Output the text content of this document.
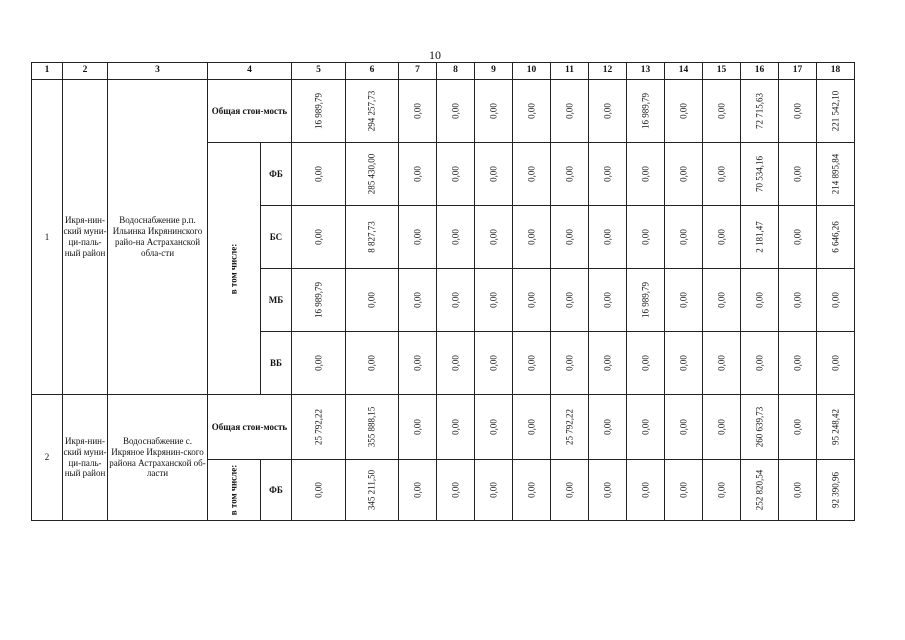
10
1	2	3	4		5	6	7	8	9	10	11	12	13	14	15	16	17	18
1	Икря-нин-ский муни-ци-паль-ный район	Водоснабжение р.п. Ильинка Икрянинского райо-на Астраханской обла-сти	Общая стои-мость		16 989,79	294 257,73	0,00	0,00	0,00	0,00	0,00	0,00	16 989,79	0,00	0,00	72 715,63	0,00	221 542,10

			в том числе:	ФБ	0,00	285 430,00	0,00	0,00	0,00	0,00	0,00	0,00	0,00	0,00	0,00	70 534,16	0,00	214 895,84

				БС	0,00	8 827,73	0,00	0,00	0,00	0,00	0,00	0,00	0,00	0,00	0,00	2 181,47	0,00	6 646,26

				МБ	16 989,79	0,00	0,00	0,00	0,00	0,00	0,00	0,00	16 989,79	0,00	0,00	0,00	0,00	0,00

				ВБ	0,00	0,00	0,00	0,00	0,00	0,00	0,00	0,00	0,00	0,00	0,00	0,00	0,00	0,00

2	Икря-нин-ский муни-ци-паль-ный район	Водоснабжение с. Икряное Икрянин-ского района Астраханской об-ласти	Общая стои-мость		25 792,22	355 888,15	0,00	0,00	0,00	0,00	25 792,22	0,00	0,00	0,00	0,00	260 639,73	0,00	95 248,42

			в том числе:	ФБ	0,00	345 211,50	0,00	0,00	0,00	0,00	0,00	0,00	0,00	0,00	0,00	252 820,54	0,00	92 390,96
